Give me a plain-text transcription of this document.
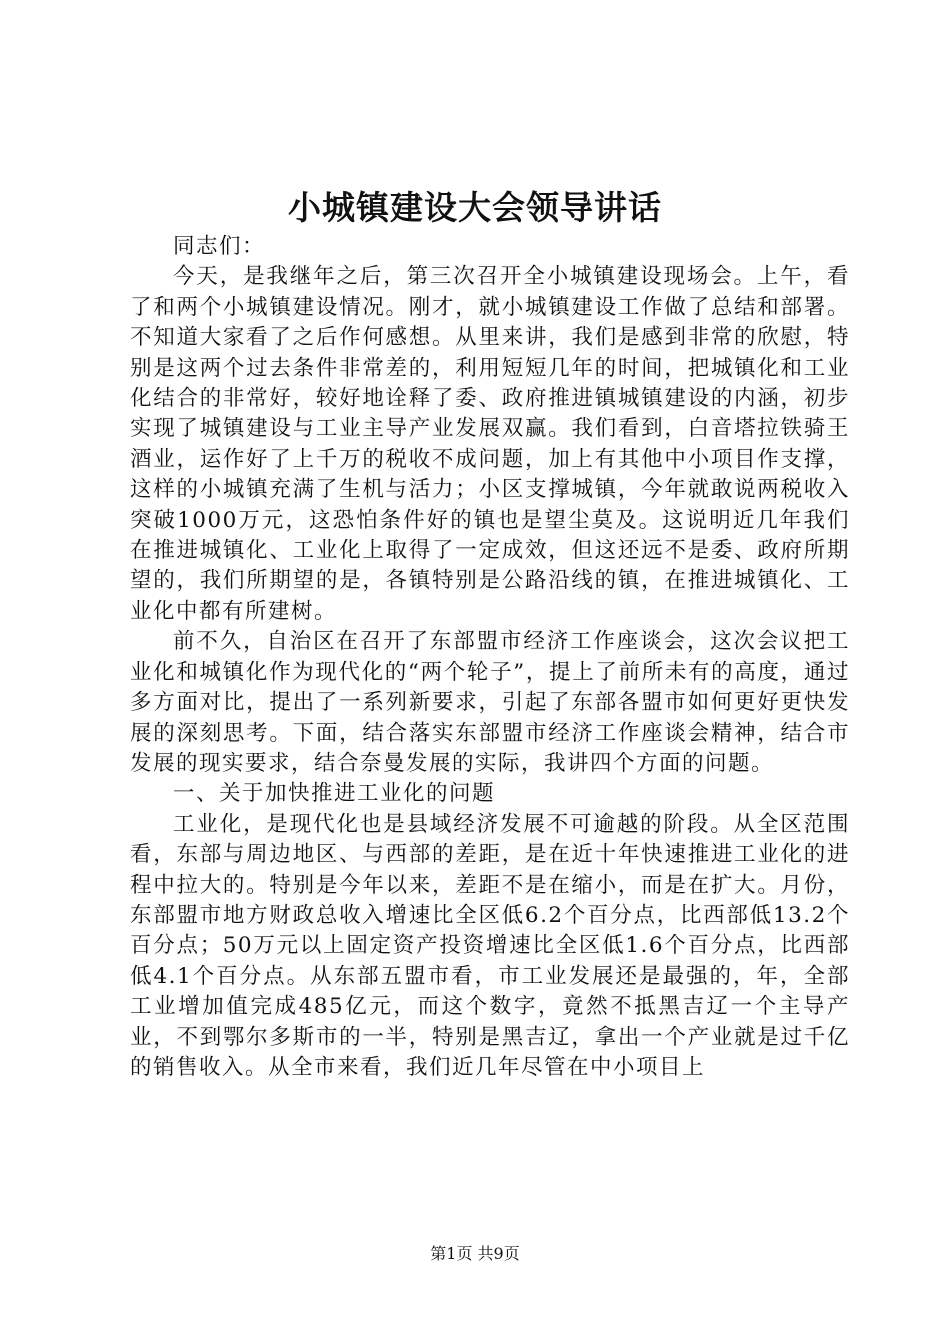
小城镇建设大会领导讲话

同志们：

今天，是我继年之后，第三次召开全小城镇建设现场会。上午，看了和两个小城镇建设情况。刚才，就小城镇建设工作做了总结和部署。不知道大家看了之后作何感想。从里来讲，我们是感到非常的欣慰，特别是这两个过去条件非常差的，利用短短几年的时间，把城镇化和工业化结合的非常好，较好地诠释了委、政府推进镇城镇建设的内涵，初步实现了城镇建设与工业主导产业发展双赢。我们看到，白音塔拉铁骑王酒业，运作好了上千万的税收不成问题，加上有其他中小项目作支撑，这样的小城镇充满了生机与活力；小区支撑城镇，今年就敢说两税收入突破1000万元，这恐怕条件好的镇也是望尘莫及。这说明近几年我们在推进城镇化、工业化上取得了一定成效，但这还远不是委、政府所期望的，我们所期望的是，各镇特别是公路沿线的镇，在推进城镇化、工业化中都有所建树。

前不久，自治区在召开了东部盟市经济工作座谈会，这次会议把工业化和城镇化作为现代化的“两个轮子”，提上了前所未有的高度，通过多方面对比，提出了一系列新要求，引起了东部各盟市如何更好更快发展的深刻思考。下面，结合落实东部盟市经济工作座谈会精神，结合市发展的现实要求，结合奈曼发展的实际，我讲四个方面的问题。

一、关于加快推进工业化的问题

工业化，是现代化也是县域经济发展不可逾越的阶段。从全区范围看，东部与周边地区、与西部的差距，是在近十年快速推进工业化的进程中拉大的。特别是今年以来，差距不是在缩小，而是在扩大。月份，东部盟市地方财政总收入增速比全区低6.2个百分点，比西部低13.2个百分点；50万元以上固定资产投资增速比全区低1.6个百分点，比西部低4.1个百分点。从东部五盟市看，市工业发展还是最强的，年，全部工业增加值完成485亿元，而这个数字，竟然不抵黑吉辽一个主导产业，不到鄂尔多斯市的一半，特别是黑吉辽，拿出一个产业就是过千亿的销售收入。从全市来看，我们近几年尽管在中小项目上

第1页 共9页
